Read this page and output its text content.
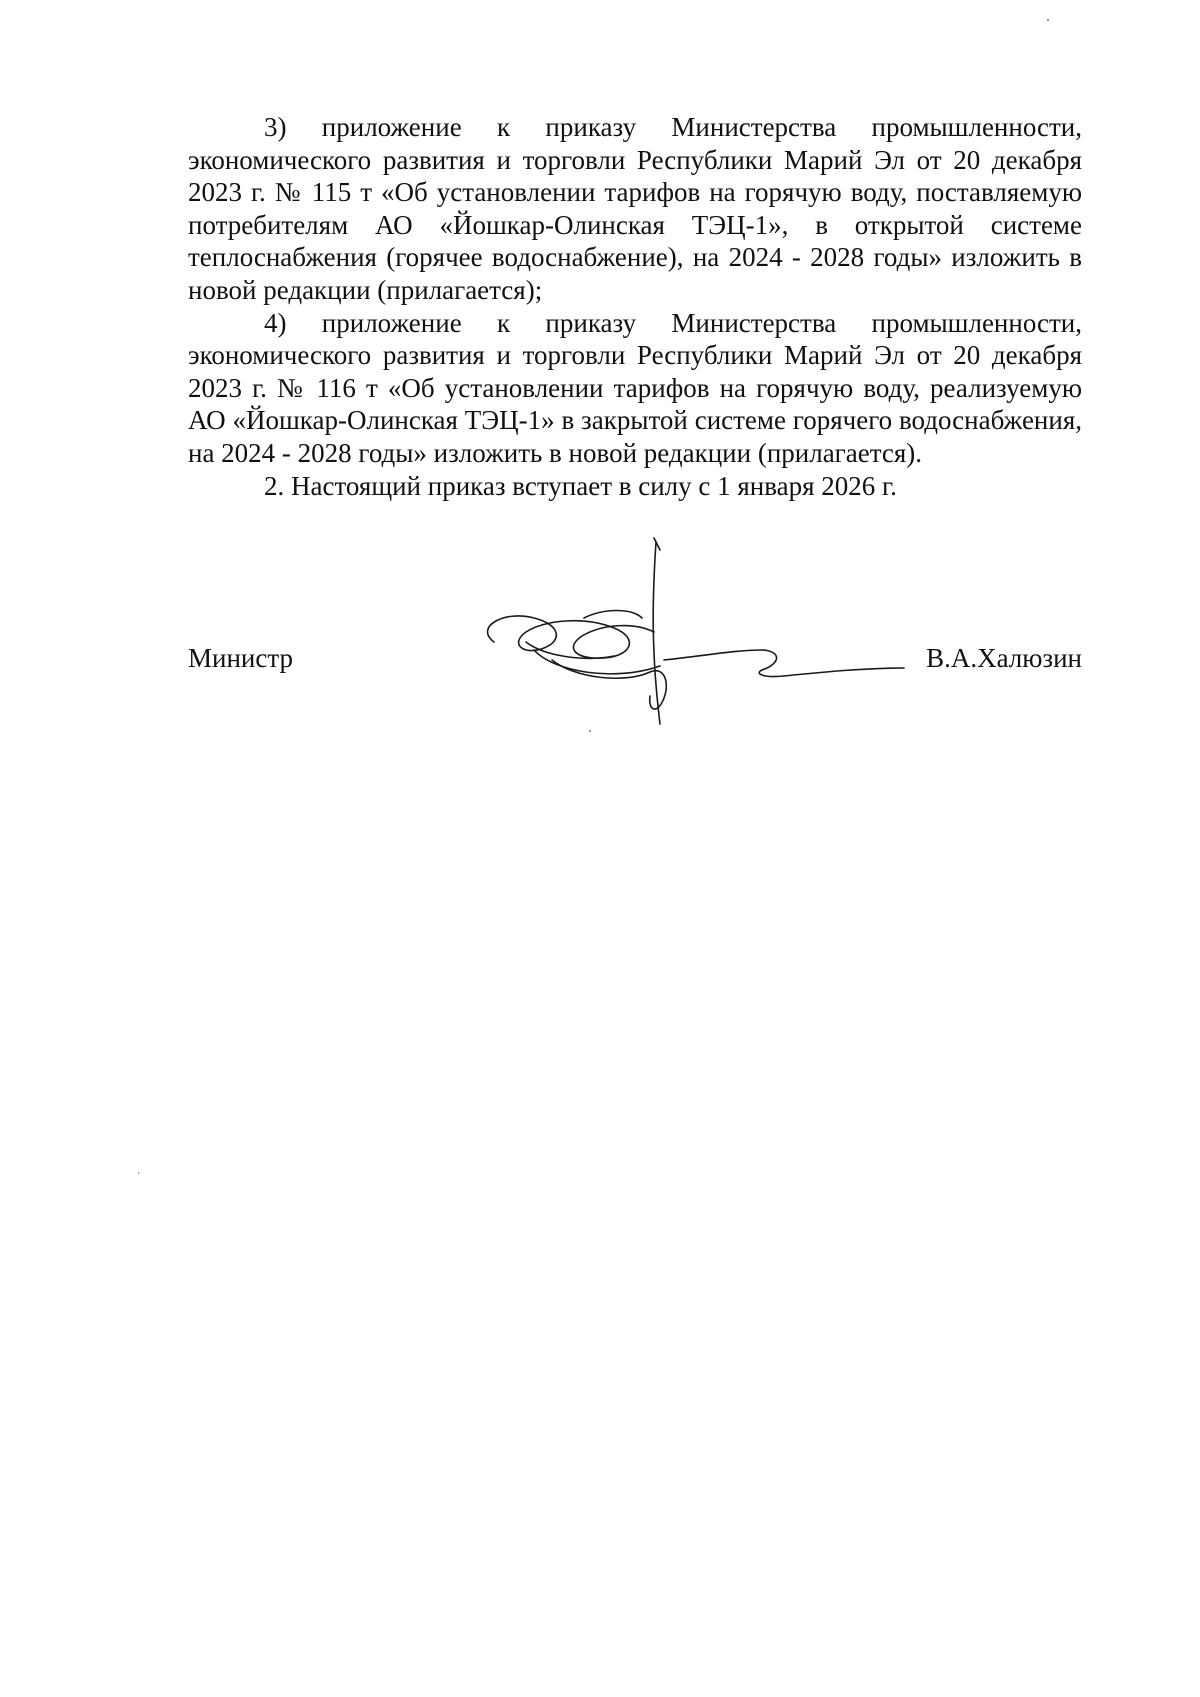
3) приложение к приказу Министерства промышленности, экономического развития и торговли Республики Марий Эл от 20 декабря 2023 г. № 115 т «Об установлении тарифов на горячую воду, поставляемую потребителям АО «Йошкар-Олинская ТЭЦ-1», в открытой системе теплоснабжения (горячее водоснабжение), на 2024 - 2028 годы» изложить в новой редакции (прилагается);

4) приложение к приказу Министерства промышленности, экономического развития и торговли Республики Марий Эл от 20 декабря 2023 г. № 116 т «Об установлении тарифов на горячую воду, реализуемую АО «Йошкар-Олинская ТЭЦ-1» в закрытой системе горячего водоснабжения, на 2024 - 2028 годы» изложить в новой редакции (прилагается).

2. Настоящий приказ вступает в силу с 1 января 2026 г.

Министр	В.А.Халюзин
